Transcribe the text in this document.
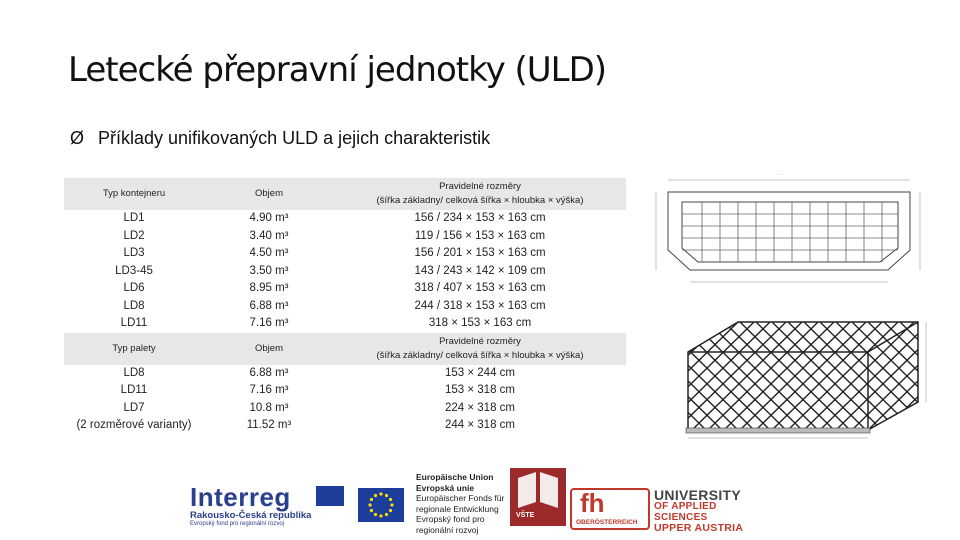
Letecké přepravní jednotky (ULD)
Ø Příklady unifikovaných ULD a jejich charakteristik
Typ kontejneru	Objem	Pravidelné rozměry
(šířka základny/ celková šířka × hloubka × výška)
LD1	4.90 m³	156 / 234 × 153 × 163 cm
LD2	3.40 m³	119 / 156 × 153 × 163 cm
LD3	4.50 m³	156 / 201 × 153 × 163 cm
LD3-45	3.50 m³	143 / 243 × 142 × 109 cm
LD6	8.95 m³	318 / 407 × 153 × 163 cm
LD8	6.88 m³	244 / 318 × 153 × 163 cm
LD11	7.16 m³	318 × 153 × 163 cm
Typ palety	Objem	Pravidelné rozměry
(šířka základny/ celková šířka × hloubka × výška)
LD8	6.88 m³	153 × 244 cm
LD11	7.16 m³	153 × 318 cm
LD7	10.8 m³	224 × 318 cm
(2 rozměrové varianty)	11.52 m³	244 × 318 cm
· · ·
Interreg
Rakousko-Česká republika
Evropský fond pro regionální rozvoj
Europäische Union
Evropská unie
Europäischer Fonds für
regionale Entwicklung
Evropský fond pro
regionální rozvoj
VŠTE fh
OBERÖSTERREICH
UNIVERSITY
OF APPLIED SCIENCES
UPPER AUSTRIA
